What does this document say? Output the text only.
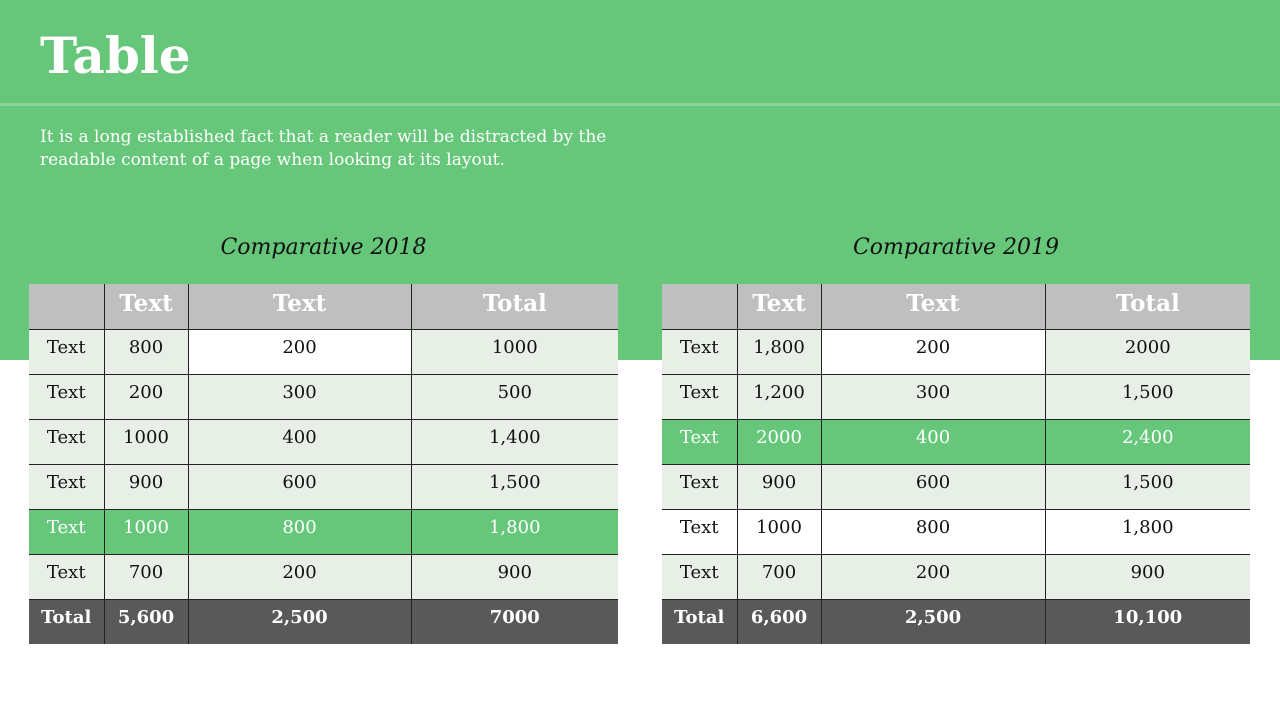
Table
It is a long established fact that a reader will be distracted by the readable content of a page when looking at its layout.
Comparative 2018
	Text	Text	Total
Text	800	200	1000
Text	200	300	500
Text	1000	400	1,400
Text	900	600	1,500
Text	1000	800	1,800
Text	700	200	900
Total	5,600	2,500	7000
Comparative 2019
	Text	Text	Total
Text	1,800	200	2000
Text	1,200	300	1,500
Text	2000	400	2,400
Text	900	600	1,500
Text	1000	800	1,800
Text	700	200	900
Total	6,600	2,500	10,100
